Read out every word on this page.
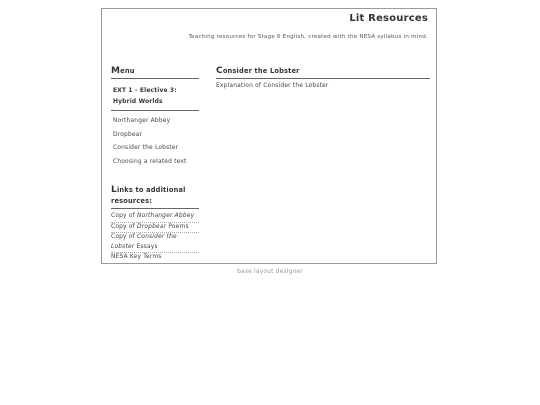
Lit Resources
Teaching resources for Stage 6 English, created with the NESA syllabus in mind.
Menu
EXT 1 - Elective 3: Hybrid Worlds
Northanger Abbey
Dropbear
Consider the Lobster
Choosing a related text
Links to additional resources:
Copy of Northanger Abbey
Copy of Dropbear Poems
Copy of Consider the Lobster Essays
NESA Key Terms
Consider the Lobster
Explanation of Consider the Lobster
base layout designer
